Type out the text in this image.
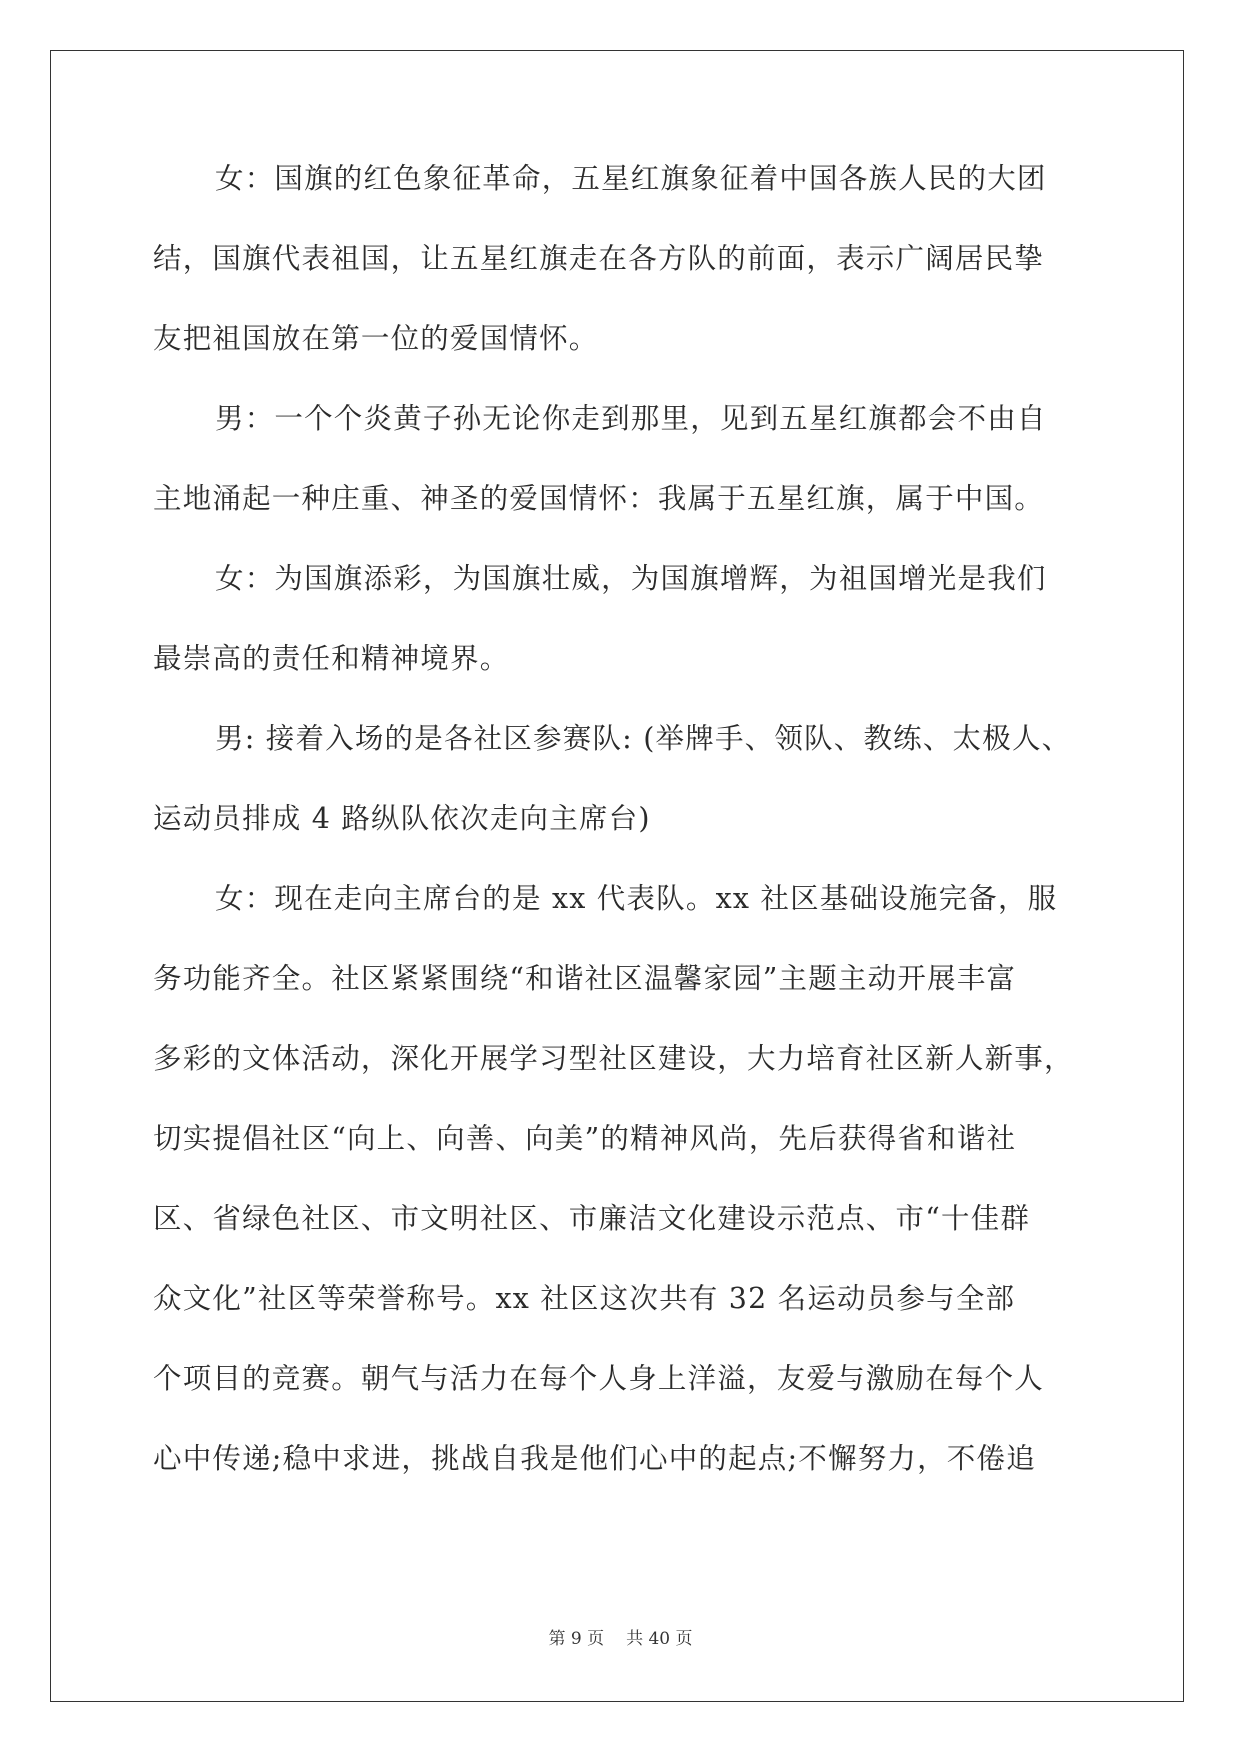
女：国旗的红色象征革命，五星红旗象征着中国各族人民的大团
结，国旗代表祖国，让五星红旗走在各方队的前面，表示广阔居民挚
友把祖国放在第一位的爱国情怀。
男：一个个炎黄子孙无论你走到那里，见到五星红旗都会不由自
主地涌起一种庄重、神圣的爱国情怀：我属于五星红旗，属于中国。
女：为国旗添彩，为国旗壮威，为国旗增辉，为祖国增光是我们
最崇高的责任和精神境界。
男: 接着入场的是各社区参赛队: (举牌手、领队、教练、太极人、
运动员排成 4 路纵队依次走向主席台)
女：现在走向主席台的是 xx 代表队。xx 社区基础设施完备，服
务功能齐全。社区紧紧围绕“和谐社区温馨家园”主题主动开展丰富
多彩的文体活动，深化开展学习型社区建设，大力培育社区新人新事，
切实提倡社区“向上、向善、向美”的精神风尚，先后获得省和谐社
区、省绿色社区、市文明社区、市廉洁文化建设示范点、市“十佳群
众文化”社区等荣誉称号。xx 社区这次共有 32 名运动员参与全部
个项目的竞赛。朝气与活力在每个人身上洋溢，友爱与激励在每个人
心中传递;稳中求进，挑战自我是他们心中的起点;不懈努力，不倦追
第 9 页 共 40 页
